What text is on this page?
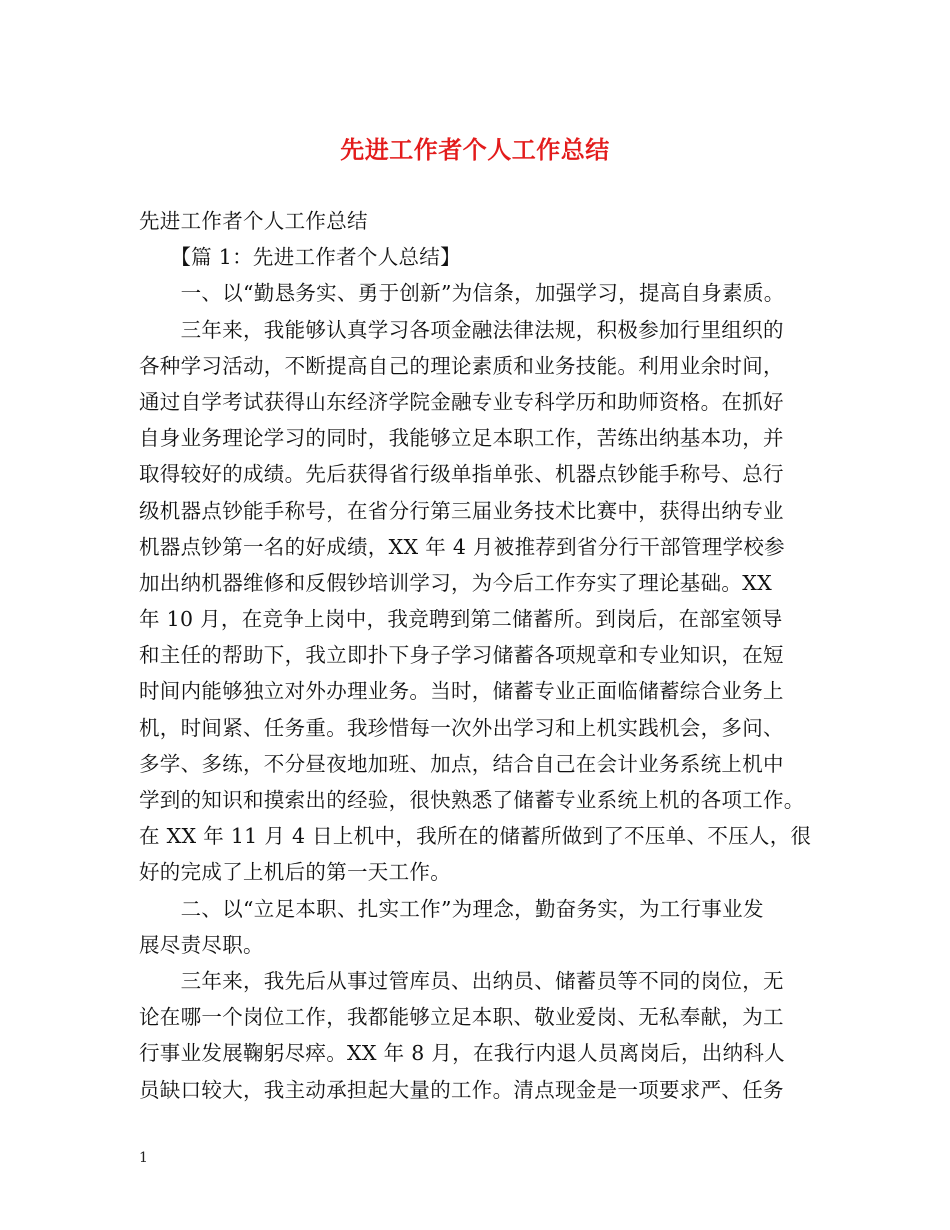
先进工作者个人工作总结
先进工作者个人工作总结
　　【篇 1：先进工作者个人总结】
　　一、以“勤恳务实、勇于创新”为信条，加强学习，提高自身素质。
　　三年来，我能够认真学习各项金融法律法规，积极参加行里组织的
各种学习活动，不断提高自己的理论素质和业务技能。利用业余时间，
通过自学考试获得山东经济学院金融专业专科学历和助师资格。在抓好
自身业务理论学习的同时，我能够立足本职工作，苦练出纳基本功，并
取得较好的成绩。先后获得省行级单指单张、机器点钞能手称号、总行
级机器点钞能手称号，在省分行第三届业务技术比赛中，获得出纳专业
机器点钞第一名的好成绩，XX 年 4 月被推荐到省分行干部管理学校参
加出纳机器维修和反假钞培训学习，为今后工作夯实了理论基础。XX
年 10 月，在竞争上岗中，我竞聘到第二储蓄所。到岗后，在部室领导
和主任的帮助下，我立即扑下身子学习储蓄各项规章和专业知识，在短
时间内能够独立对外办理业务。当时，储蓄专业正面临储蓄综合业务上
机，时间紧、任务重。我珍惜每一次外出学习和上机实践机会，多问、
多学、多练，不分昼夜地加班、加点，结合自己在会计业务系统上机中
学到的知识和摸索出的经验，很快熟悉了储蓄专业系统上机的各项工作。
在 XX 年 11 月 4 日上机中，我所在的储蓄所做到了不压单、不压人，很
好的完成了上机后的第一天工作。
　　二、以“立足本职、扎实工作”为理念，勤奋务实，为工行事业发
展尽责尽职。
　　三年来，我先后从事过管库员、出纳员、储蓄员等不同的岗位，无
论在哪一个岗位工作，我都能够立足本职、敬业爱岗、无私奉献，为工
行事业发展鞠躬尽瘁。XX 年 8 月，在我行内退人员离岗后，出纳科人
员缺口较大，我主动承担起大量的工作。清点现金是一项要求严、任务
1
